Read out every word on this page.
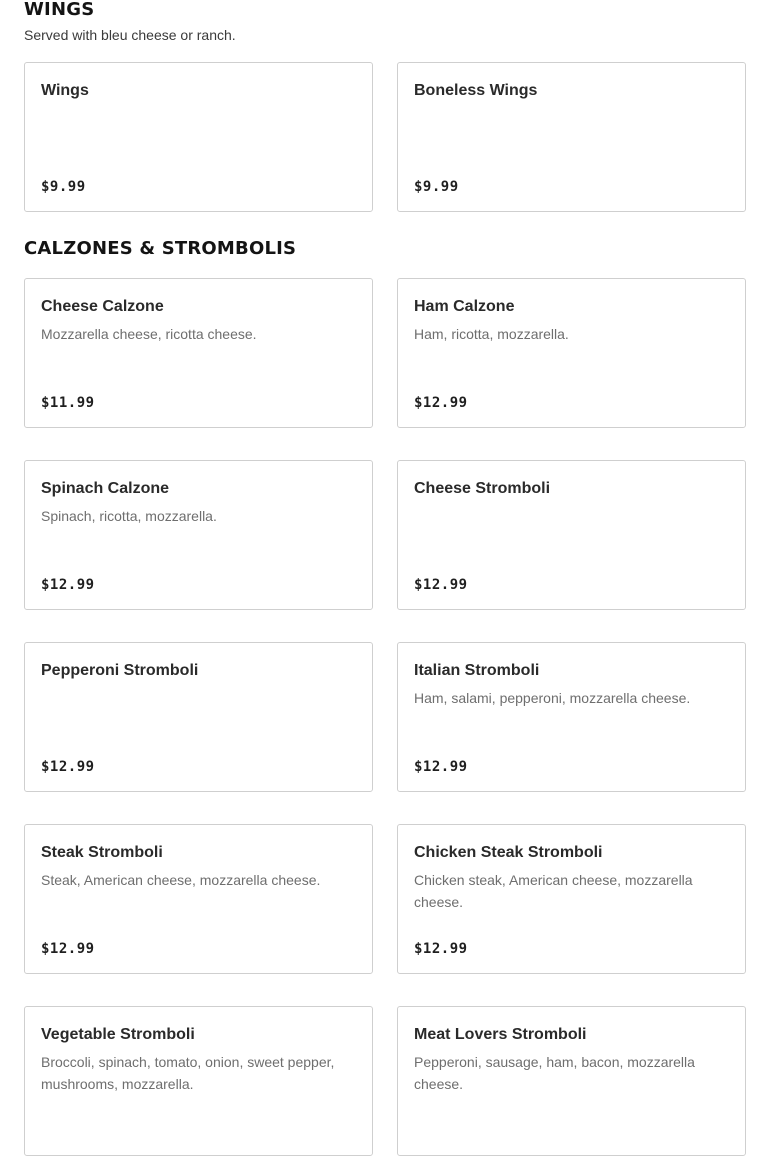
WINGS

Served with bleu cheese or ranch.

Wings
$9.99
Boneless Wings
$9.99
CALZONES & STROMBOLIS
Cheese Calzone
Mozzarella cheese, ricotta cheese.
$11.99
Ham Calzone
Ham, ricotta, mozzarella.
$12.99
Spinach Calzone
Spinach, ricotta, mozzarella.
$12.99
Cheese Stromboli
$12.99
Pepperoni Stromboli
$12.99
Italian Stromboli
Ham, salami, pepperoni, mozzarella cheese.
$12.99
Steak Stromboli
Steak, American cheese, mozzarella cheese.
$12.99
Chicken Steak Stromboli
Chicken steak, American cheese, mozzarella cheese.
$12.99
Vegetable Stromboli
Broccoli, spinach, tomato, onion, sweet pepper, mushrooms, mozzarella.
Meat Lovers Stromboli
Pepperoni, sausage, ham, bacon, mozzarella cheese.
